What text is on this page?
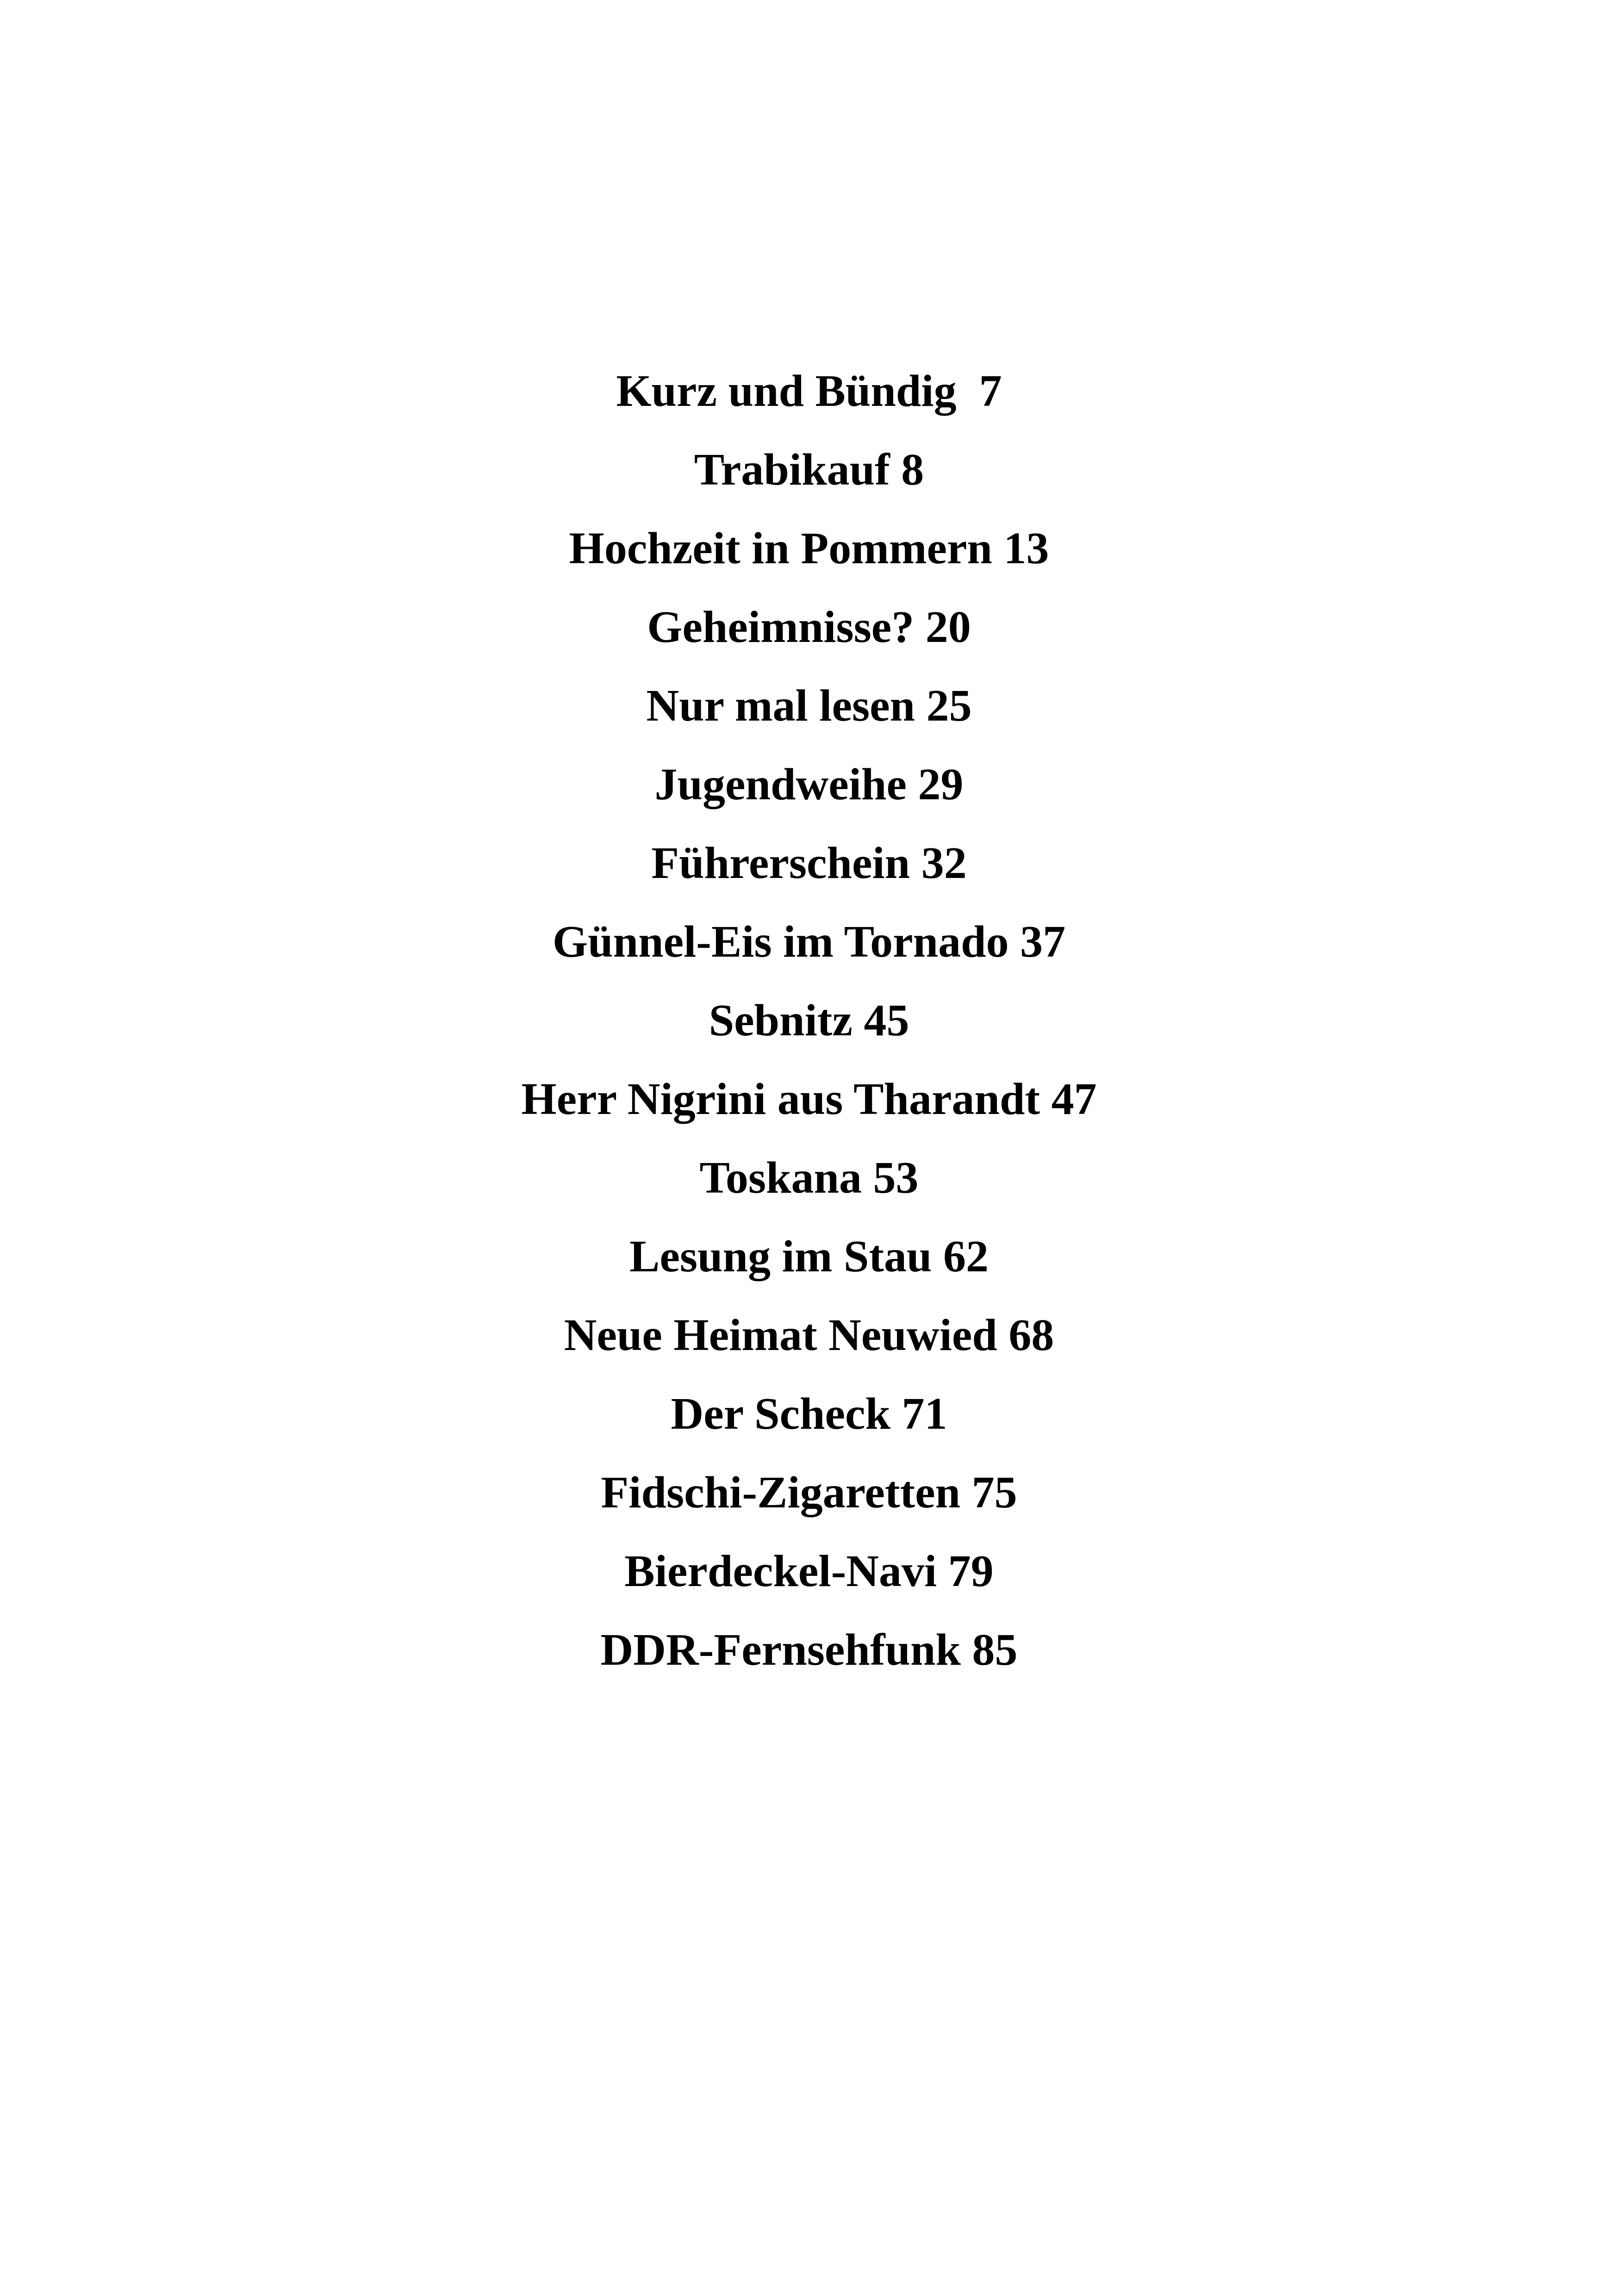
Kurz und Bündig  7
Trabikauf 8
Hochzeit in Pommern 13
Geheimnisse? 20
Nur mal lesen 25
Jugendweihe 29
Führerschein 32
Günnel-Eis im Tornado 37
Sebnitz 45
Herr Nigrini aus Tharandt 47
Toskana 53
Lesung im Stau 62
Neue Heimat Neuwied 68
Der Scheck 71
Fidschi-Zigaretten 75
Bierdeckel-Navi 79
DDR-Fernsehfunk 85
